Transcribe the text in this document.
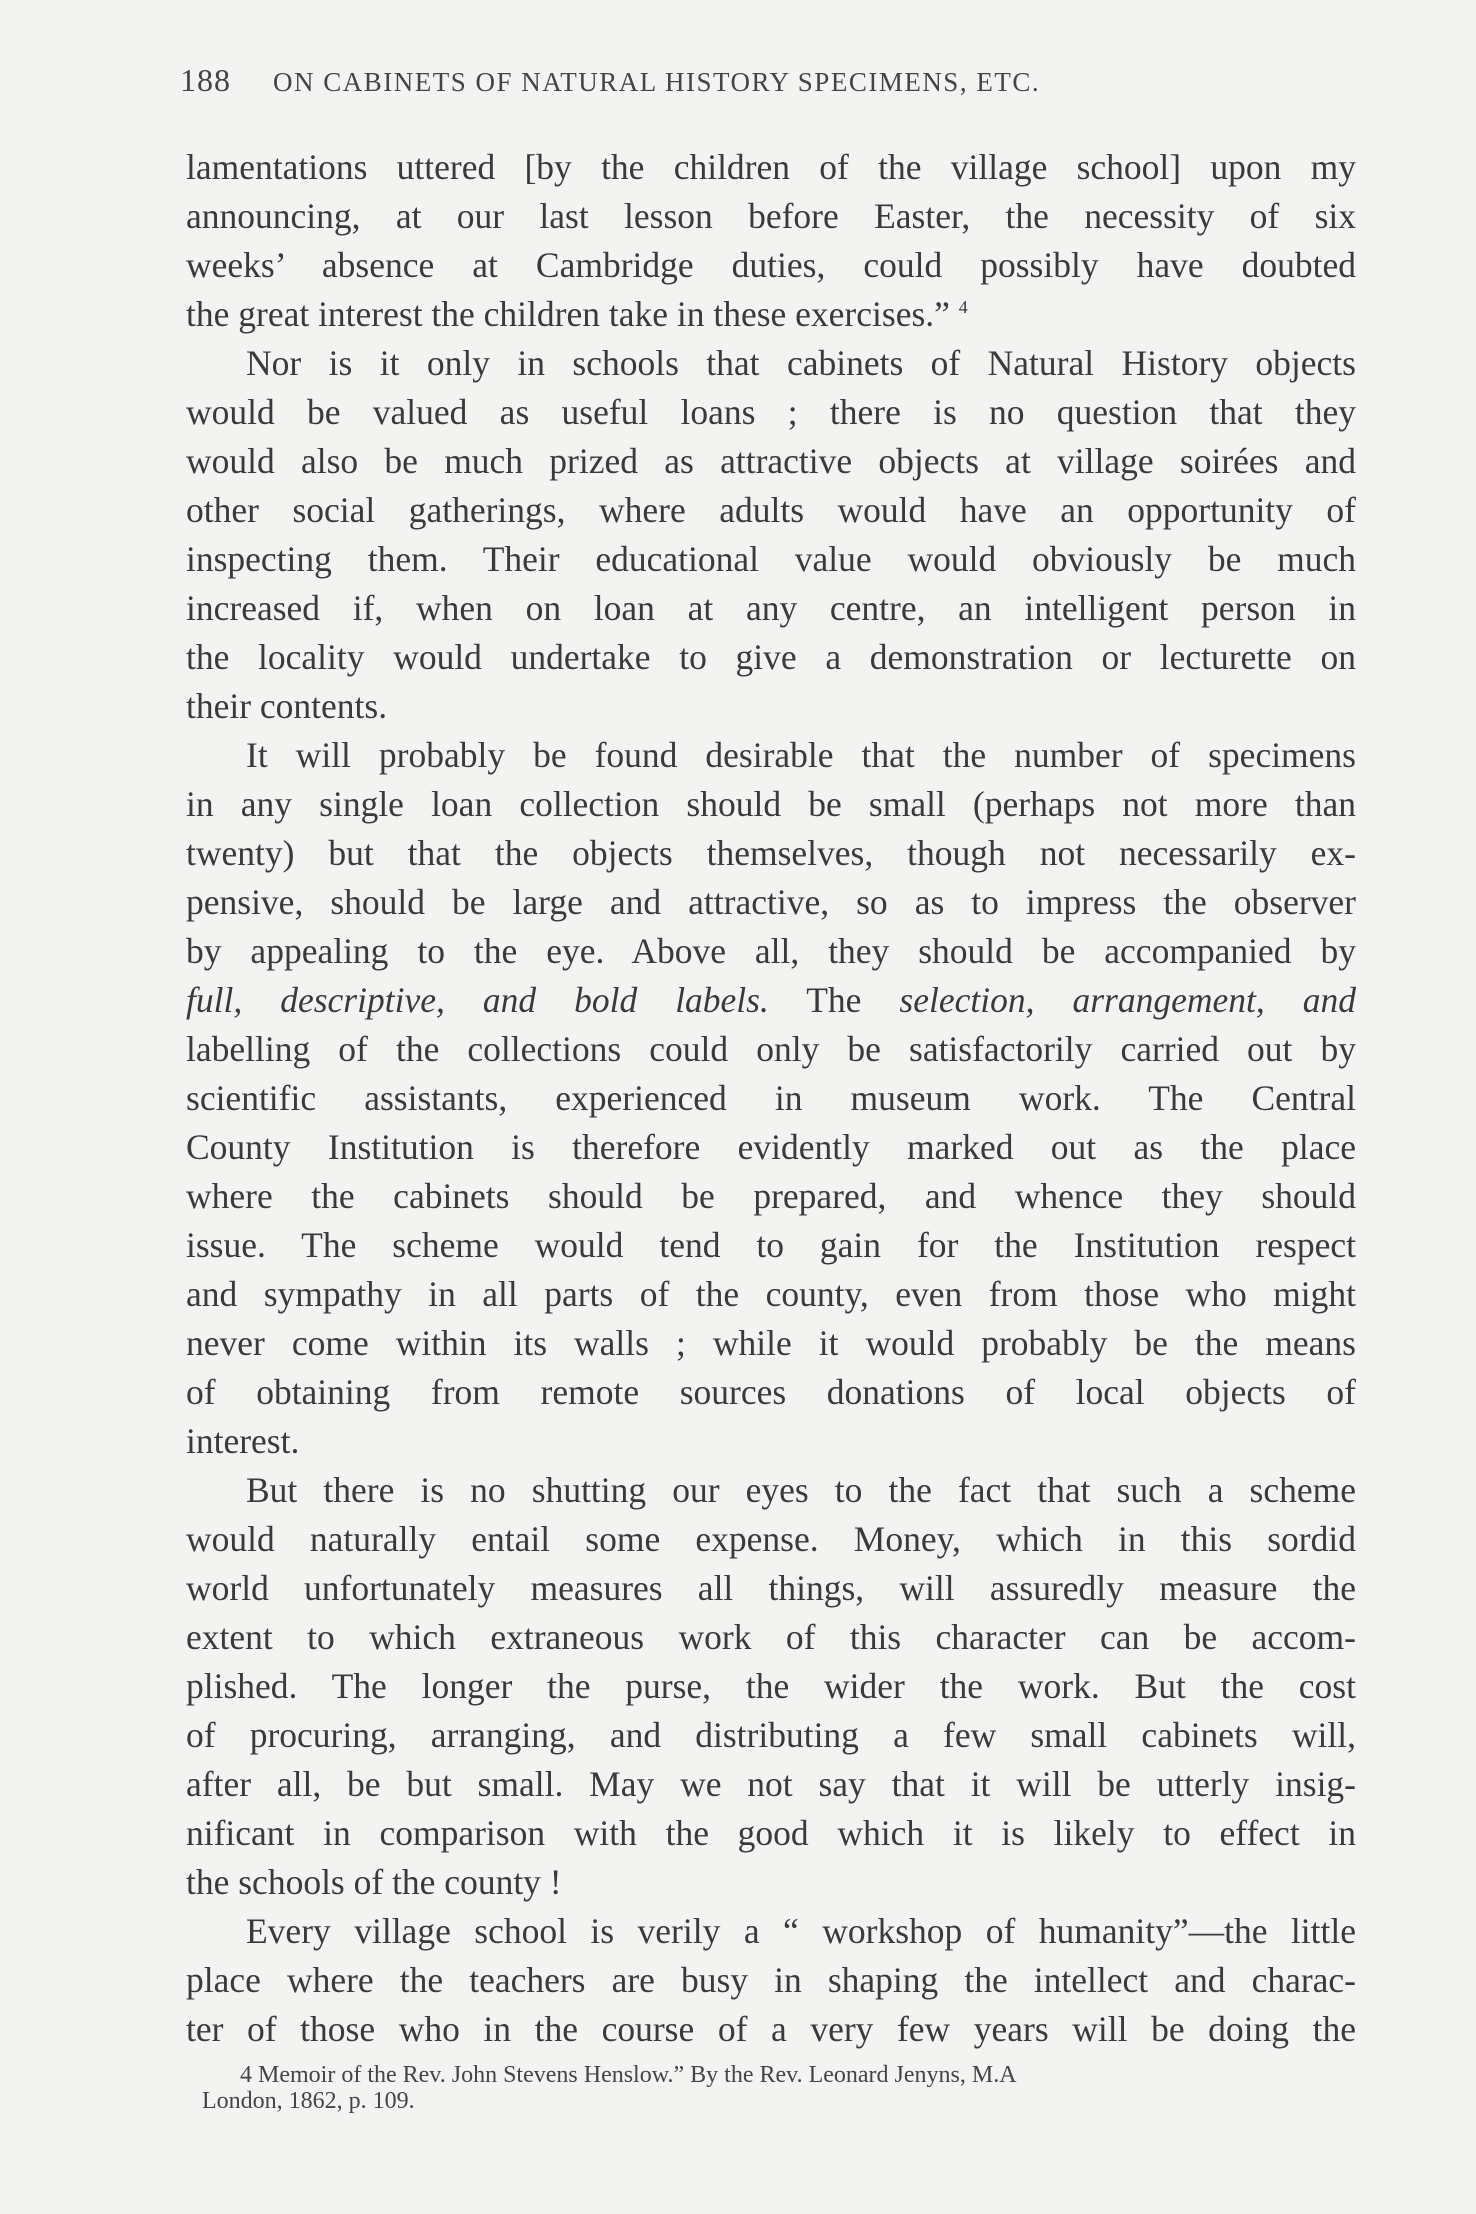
188 ON CABINETS OF NATURAL HISTORY SPECIMENS, ETC.
lamentations uttered [by the children of the village school] upon my
announcing, at our last lesson before Easter, the necessity of six
weeks’ absence at Cambridge duties, could possibly have doubted
the great interest the children take in these exercises.” $^4$
Nor is it only in schools that cabinets of Natural History objects
would be valued as useful loans ; there is no question that they
would also be much prized as attractive objects at village soirées and
other social gatherings, where adults would have an opportunity of
inspecting them. Their educational value would obviously be much
increased if, when on loan at any centre, an intelligent person in
the locality would undertake to give a demonstration or lecturette on
their contents.
It will probably be found desirable that the number of specimens
in any single loan collection should be small (perhaps not more than
twenty) but that the objects themselves, though not necessarily ex-
pensive, should be large and attractive, so as to impress the observer
by appealing to the eye. Above all, they should be accompanied by
full, descriptive, and bold labels. The selection, arrangement, and
labelling of the collections could only be satisfactorily carried out by
scientific assistants, experienced in museum work. The Central
County Institution is therefore evidently marked out as the place
where the cabinets should be prepared, and whence they should
issue. The scheme would tend to gain for the Institution respect
and sympathy in all parts of the county, even from those who might
never come within its walls ; while it would probably be the means
of obtaining from remote sources donations of local objects of
interest.
But there is no shutting our eyes to the fact that such a scheme
would naturally entail some expense. Money, which in this sordid
world unfortunately measures all things, will assuredly measure the
extent to which extraneous work of this character can be accom-
plished. The longer the purse, the wider the work. But the cost
of procuring, arranging, and distributing a few small cabinets will,
after all, be but small. May we not say that it will be utterly insig-
nificant in comparison with the good which it is likely to effect in
the schools of the county !
Every village school is verily a “ workshop of humanity”—the little
place where the teachers are busy in shaping the intellect and charac-
ter of those who in the course of a very few years will be doing the
4 Memoir of the Rev. John Stevens Henslow.” By the Rev. Leonard Jenyns, M.A
London, 1862, p. 109.
